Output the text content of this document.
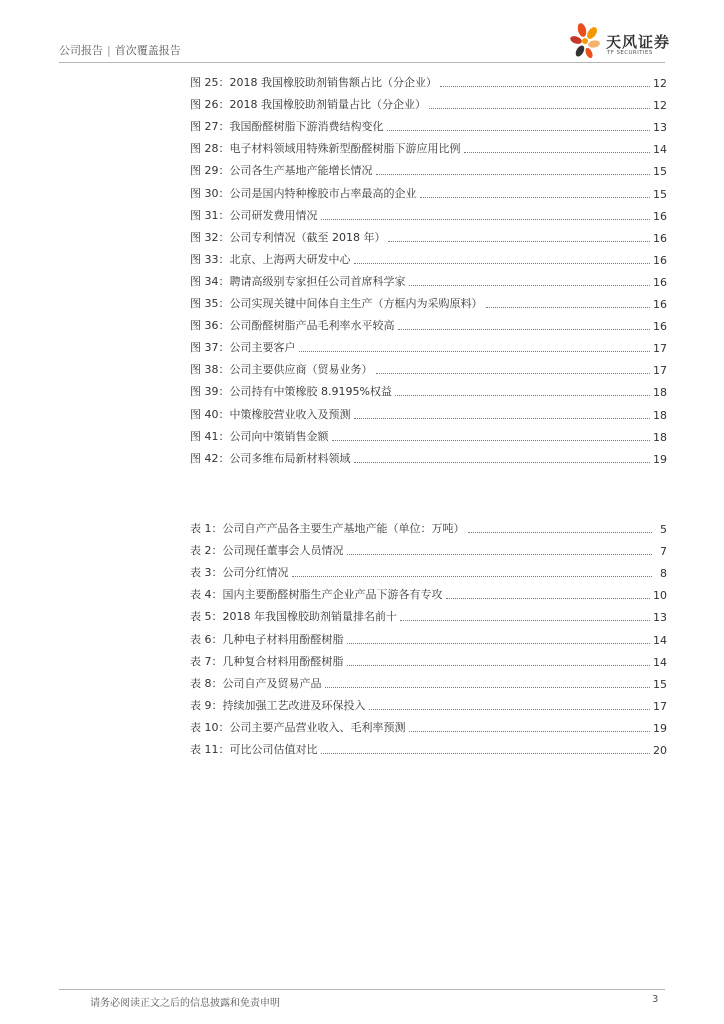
公司报告 | 首次覆盖报告	天风证券
TF SECURITIES
图 25：2018 我国橡胶助剂销售额占比（分企业）	12
图 26：2018 我国橡胶助剂销量占比（分企业）	12
图 27：我国酚醛树脂下游消费结构变化	13
图 28：电子材料领域用特殊新型酚醛树脂下游应用比例	14
图 29：公司各生产基地产能增长情况	15
图 30：公司是国内特种橡胶市占率最高的企业	15
图 31：公司研发费用情况	16
图 32：公司专利情况（截至 2018 年）	16
图 33：北京、上海两大研发中心	16
图 34：聘请高级别专家担任公司首席科学家	16
图 35：公司实现关键中间体自主生产（方框内为采购原料）	16
图 36：公司酚醛树脂产品毛利率水平较高	16
图 37：公司主要客户	17
图 38：公司主要供应商（贸易业务）	17
图 39：公司持有中策橡胶 8.9195%权益	18
图 40：中策橡胶营业收入及预测	18
图 41：公司向中策销售金额	18
图 42：公司多维布局新材料领域	19
表 1：公司自产产品各主要生产基地产能（单位：万吨）	5
表 2：公司现任董事会人员情况	7
表 3：公司分红情况	8
表 4：国内主要酚醛树脂生产企业产品下游各有专攻	10
表 5：2018 年我国橡胶助剂销量排名前十	13
表 6：几种电子材料用酚醛树脂	14
表 7：几种复合材料用酚醛树脂	14
表 8：公司自产及贸易产品	15
表 9：持续加强工艺改进及环保投入	17
表 10：公司主要产品营业收入、毛利率预测	19
表 11：可比公司估值对比	20
请务必阅读正文之后的信息披露和免责申明	3
